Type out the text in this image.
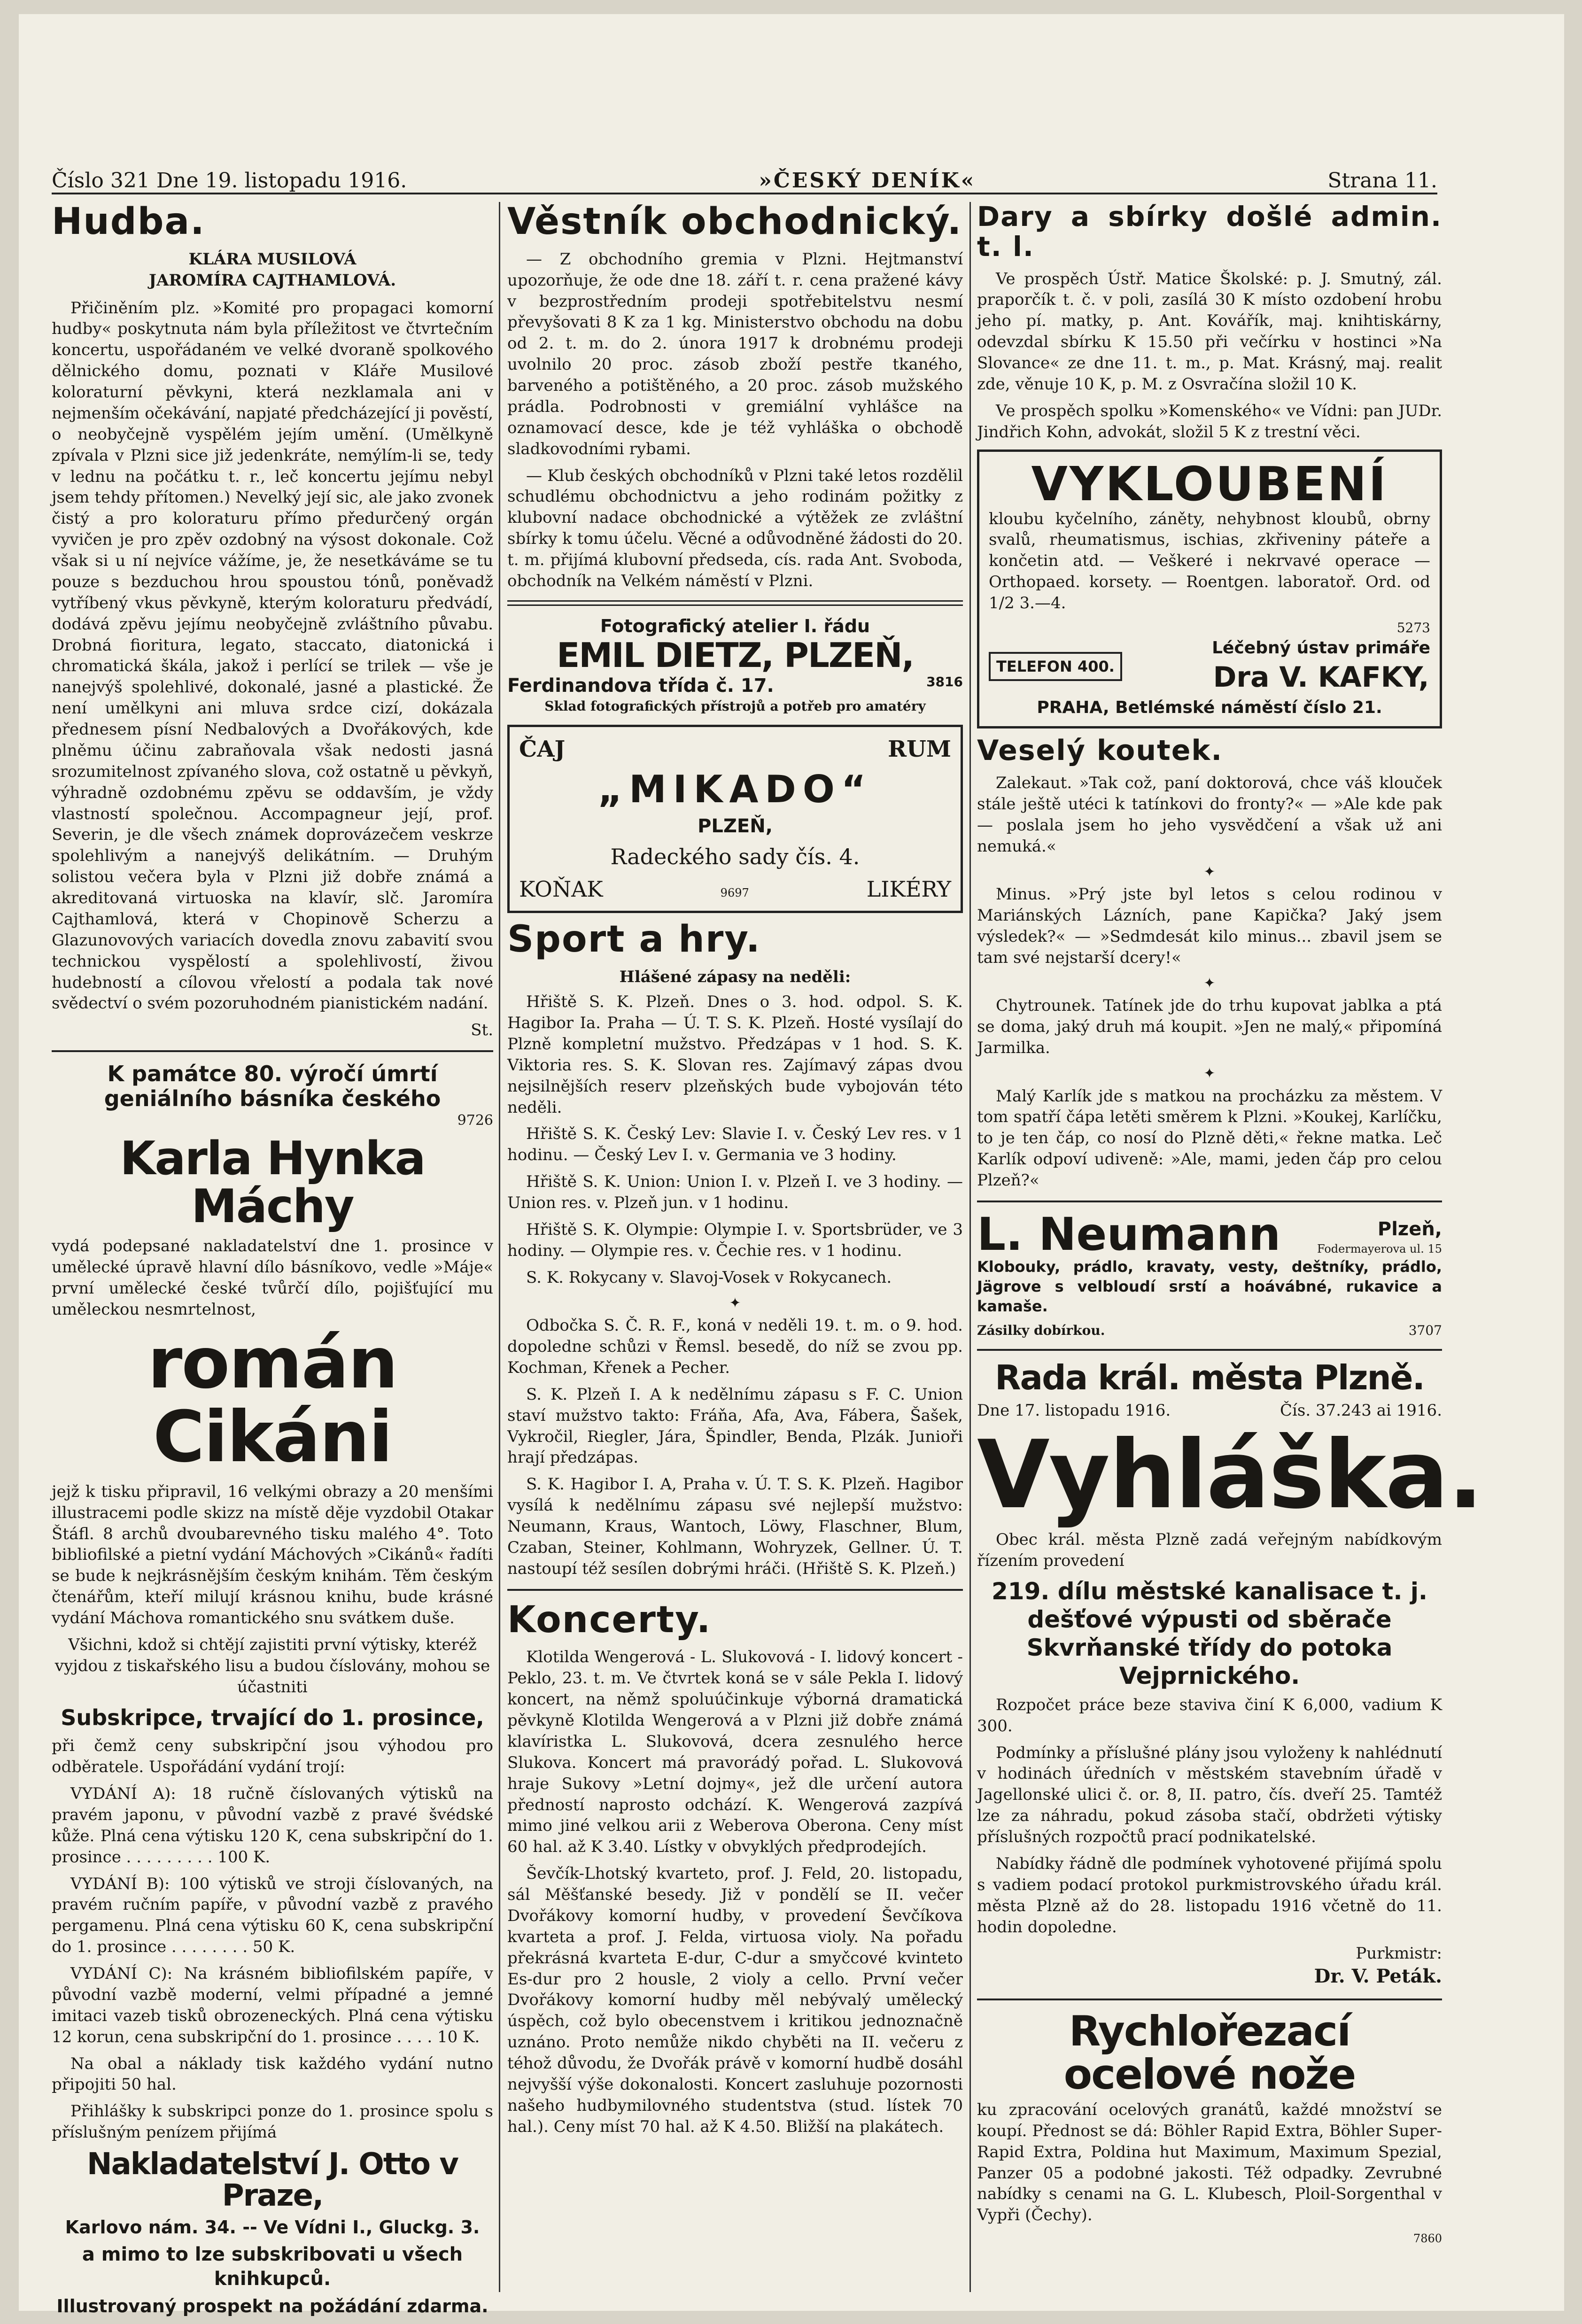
Číslo 321 Dne 19. listopadu 1916.	»ČESKÝ DENÍK«	Strana 11.
Hudba.
KLÁRA MUSILOVÁ
JAROMÍRA CAJTHAMLOVÁ.

Přičiněním plz. »Komité pro propagaci komorní hudby« poskytnuta nám byla příležitost ve čtvrtečním koncertu, uspořádaném ve velké dvoraně spolkového dělnického domu, poznati v Kláře Musilové koloraturní pěvkyni, která nezklamala ani v nejmenším očekávání, napjaté předcházející ji pověstí, o neobyčejně vyspělém jejím umění. (Umělkyně zpívala v Plzni sice již jedenkráte, nemýlím-li se, tedy v lednu na počátku t. r., leč koncertu jejímu nebyl jsem tehdy přítomen.) Nevelký její sic, ale jako zvonek čistý a pro koloraturu přímo předurčený orgán vyvičen je pro zpěv ozdobný na výsost dokonale. Což však si u ní nejvíce vážíme, je, že nesetkáváme se tu pouze s bezduchou hrou spoustou tónů, poněvadž vytříbený vkus pěvkyně, kterým koloraturu předvádí, dodává zpěvu jejímu neobyčejně zvláštního půvabu. Drobná fioritura, legato, staccato, diatonická i chromatická škála, jakož i perlící se trilek — vše je nanejvýš spolehlivé, dokonalé, jasné a plastické. Že není umělkyni ani mluva srdce cizí, dokázala přednesem písní Nedbalových a Dvořákových, kde plněmu účinu zabraňovala však nedosti jasná srozumitelnost zpívaného slova, což ostatně u pěvkyň, výhradně ozdobnému zpěvu se oddavším, je vždy vlastností společnou. Accompagneur její, prof. Severin, je dle všech známek doprovázečem veskrze spolehlivým a nanejvýš delikátním. — Druhým solistou večera byla v Plzni již dobře známá a akreditovaná virtuoska na klavír, slč. Jaromíra Cajthamlová, která v Chopinově Scherzu a Glazunovových variacích dovedla znovu zabavití svou technickou vyspělostí a spolehlivostí, živou hudebností a cílovou vřelostí a podala tak nové svědectví o svém pozoruhodném pianistickém nadání.

St.
K památce 80. výročí úmrtí geniálního básníka českého
9726
Karla Hynka Máchy

vydá podepsané nakladatelství dne 1. prosince v umělecké úpravě hlavní dílo básníkovo, vedle »Máje« první umělecké české tvůrčí dílo, pojišťující mu uměleckou nesmrtelnost,

román Cikáni

jejž k tisku připravil, 16 velkými obrazy a 20 menšími illustracemi podle skizz na místě děje vyzdobil Otakar Štáfl. 8 archů dvoubarevného tisku malého 4°. Toto bibliofilské a pietní vydání Máchových »Cikánů« řadíti se bude k nejkrásnějším českým knihám. Těm českým čtenářům, kteří milují krásnou knihu, bude krásné vydání Máchova romantického snu svátkem duše.

Všichni, kdož si chtějí zajistiti první výtisky, kteréž vyjdou z tiskařského lisu a budou číslovány, mohou se účastniti

Subskripce, trvající do 1. prosince,

při čemž ceny subskripční jsou výhodou pro odběratele. Uspořádání vydání trojí:

VYDÁNÍ A): 18 ručně číslovaných výtisků na pravém japonu, v původní vazbě z pravé švédské kůže. Plná cena výtisku 120 K, cena subskripční do 1. prosince . . . . . . . . . 100 K.

VYDÁNÍ B): 100 výtisků ve stroji číslovaných, na pravém ručním papíře, v původní vazbě z pravého pergamenu. Plná cena výtisku 60 K, cena subskripční do 1. prosince . . . . . . . . 50 K.

VYDÁNÍ C): Na krásném bibliofilském papíře, v původní vazbě moderní, velmi případné a jemné imitaci vazeb tisků obrozeneckých. Plná cena výtisku 12 korun, cena subskripční do 1. prosince . . . . 10 K.

Na obal a náklady tisk každého vydání nutno připojiti 50 hal.

Přihlášky k subskripci ponze do 1. prosince spolu s příslušným penízem přijímá

Nakladatelství J. Otto v Praze,
Karlovo nám. 34. -- Ve Vídni I., Gluckg. 3.
a mimo to lze subskribovati u všech knihkupců.
Illustrovaný prospekt na požádání zdarma.
Věstník obchodnický.

— Z obchodního gremia v Plzni. Hejtmanství upozorňuje, že ode dne 18. září t. r. cena pražené kávy v bezprostředním prodeji spotřebitelstvu nesmí převyšovati 8 K za 1 kg. Ministerstvo obchodu na dobu od 2. t. m. do 2. února 1917 k drobnému prodeji uvolnilo 20 proc. zásob zboží pestře tkaného, barveného a potištěného, a 20 proc. zásob mužského prádla. Podrobnosti v gremiální vyhlášce na oznamovací desce, kde je též vyhláška o obchodě sladkovodními rybami.

— Klub českých obchodníků v Plzni také letos rozdělil schudlému obchodnictvu a jeho rodinám požitky z klubovní nadace obchodnické a výtěžek ze zvláštní sbírky k tomu účelu. Věcné a odůvodněné žádosti do 20. t. m. přijímá klubovní předseda, cís. rada Ant. Svoboda, obchodník na Velkém náměstí v Plzni.

Fotografický atelier I. řádu
EMIL DIETZ, PLZEŇ,
Ferdinandova třída č. 17.	3816
Sklad fotografických přístrojů a potřeb pro amatéry
ČAJ	RUM
„MIKADO“
PLZEŇ,
Radeckého sady čís. 4.
KOŇAK	9697	LIKÉRY
Sport a hry.
Hlášené zápasy na neděli:

Hřiště S. K. Plzeň. Dnes o 3. hod. odpol. S. K. Hagibor Ia. Praha — Ú. T. S. K. Plzeň. Hosté vysílají do Plzně kompletní mužstvo. Předzápas v 1 hod. S. K. Viktoria res. S. K. Slovan res. Zajímavý zápas dvou nejsilnějších reserv plzeňských bude vybojován této neděli.

Hřiště S. K. Český Lev: Slavie I. v. Český Lev res. v 1 hodinu. — Český Lev I. v. Germania ve 3 hodiny.

Hřiště S. K. Union: Union I. v. Plzeň I. ve 3 hodiny. — Union res. v. Plzeň jun. v 1 hodinu.

Hřiště S. K. Olympie: Olympie I. v. Sportsbrüder, ve 3 hodiny. — Olympie res. v. Čechie res. v 1 hodinu.

S. K. Rokycany v. Slavoj-Vosek v Rokycanech.

✦

Odbočka S. Č. R. F., koná v neděli 19. t. m. o 9. hod. dopoledne schůzi v Řemsl. besedě, do níž se zvou pp. Kochman, Křenek a Pecher.

S. K. Plzeň I. A k nedělnímu zápasu s F. C. Union staví mužstvo takto: Fráňa, Afa, Ava, Fábera, Šašek, Vykročil, Riegler, Jára, Špindler, Benda, Plzák. Junioři hrají předzápas.

S. K. Hagibor I. A, Praha v. Ú. T. S. K. Plzeň. Hagibor vysílá k nedělnímu zápasu své nejlepší mužstvo: Neumann, Kraus, Wantoch, Löwy, Flaschner, Blum, Czaban, Steiner, Kohlmann, Wohryzek, Gellner. Ú. T. nastoupí též sesílen dobrými hráči. (Hřiště S. K. Plzeň.)

Koncerty.

Klotilda Wengerová - L. Slukovová - I. lidový koncert - Peklo, 23. t. m. Ve čtvrtek koná se v sále Pekla I. lidový koncert, na němž spoluúčinkuje výborná dramatická pěvkyně Klotilda Wengerová a v Plzni již dobře známá klavíristka L. Slukovová, dcera zesnulého herce Slukova. Koncert má pravorádý pořad. L. Slukovová hraje Sukovy »Letní dojmy«, jež dle určení autora předností naprosto odchází. K. Wengerová zazpívá mimo jiné velkou arii z Weberova Oberona. Ceny míst 60 hal. až K 3.40. Lístky v obvyklých předprodejích.

Ševčík-Lhotský kvarteto, prof. J. Feld, 20. listopadu, sál Měšťanské besedy. Již v pondělí se II. večer Dvořákovy komorní hudby, v provedení Ševčíkova kvarteta a prof. J. Felda, virtuosa violy. Na pořadu překrásná kvarteta E-dur, C-dur a smyčcové kvinteto Es-dur pro 2 housle, 2 violy a cello. První večer Dvořákovy komorní hudby měl nebývalý umělecký úspěch, což bylo obecenstvem i kritikou jednoznačně uznáno. Proto nemůže nikdo chyběti na II. večeru z téhož důvodu, že Dvořák právě v komorní hudbě dosáhl nejvyšší výše dokonalosti. Koncert zasluhuje pozornosti našeho hudbymilovného studentstva (stud. lístek 70 hal.). Ceny míst 70 hal. až K 4.50. Bližší na plakátech.

Dary a sbírky došlé admin. t. l.

Ve prospěch Ústř. Matice Školské: p. J. Smutný, zál. praporčík t. č. v poli, zasílá 30 K místo ozdobení hrobu jeho pí. matky, p. Ant. Kovářík, maj. knihtiskárny, odevzdal sbírku K 15.50 při večírku v hostinci »Na Slovance« ze dne 11. t. m., p. Mat. Krásný, maj. realit zde, věnuje 10 K, p. M. z Osvračína složil 10 K.

Ve prospěch spolku »Komenského« ve Vídni: pan JUDr. Jindřich Kohn, advokát, složil 5 K z trestní věci.

VYKLOUBENÍ

kloubu kyčelního, záněty, nehybnost kloubů, obrny svalů, rheumatismus, ischias, zkřiveniny páteře a končetin atd. — Veškeré i nekrvavé operace — Orthopaed. korsety. — Roentgen. laboratoř. Ord. od 1/2 3.—4.

5273
TELEFON 400.
Léčebný ústav primáře
Dra V. KAFKY,
PRAHA, Betlémské náměstí číslo 21.
Veselý koutek.

Zalekaut. »Tak což, paní doktorová, chce váš klouček stále ještě utéci k tatínkovi do fronty?« — »Ale kde pak — poslala jsem ho jeho vysvědčení a však už ani nemuká.«

✦

Minus. »Prý jste byl letos s celou rodinou v Mariánských Lázních, pane Kapička? Jaký jsem výsledek?« — »Sedmdesát kilo minus... zbavil jsem se tam své nejstarší dcery!«

✦

Chytrounek. Tatínek jde do trhu kupovat jablka a ptá se doma, jaký druh má koupit. »Jen ne malý,« připomíná Jarmilka.

✦

Malý Karlík jde s matkou na procházku za městem. V tom spatří čápa letěti směrem k Plzni. »Koukej, Karlíčku, to je ten čáp, co nosí do Plzně děti,« řekne matka. Leč Karlík odpoví udiveně: »Ale, mami, jeden čáp pro celou Plzeň?«

L. Neumann	Plzeň,
Fodermayerova ul. 15

Klobouky, prádlo, kravaty, vesty, deštníky, prádlo, Jägrove s velbloudí srstí a hoávábné, rukavice a kamaše.

Zásilky dobírkou.	3707
Rada král. města Plzně.
Dne 17. listopadu 1916.	Čís. 37.243 ai 1916.
Vyhláška.

Obec král. města Plzně zadá veřejným nabídkovým řízením provedení

219. dílu městské kanalisace t. j. dešťové výpusti od sběrače Skvrňanské třídy do potoka Vejprnického.

Rozpočet práce beze staviva činí K 6,000, vadium K 300.

Podmínky a příslušné plány jsou vyloženy k nahlédnutí v hodinách úředních v městském stavebním úřadě v Jagellonské ulici č. or. 8, II. patro, čís. dveří 25. Tamtéž lze za náhradu, pokud zásoba stačí, obdržeti výtisky příslušných rozpočtů prací podnikatelské.

Nabídky řádně dle podmínek vyhotovené přijímá spolu s vadiem podací protokol purkmistrovského úřadu král. města Plzně až do 28. listopadu 1916 včetně do 11. hodin dopoledne.

Purkmistr:
Dr. V. Peták.
Rychlořezací ocelové nože

ku zpracování ocelových granátů, každé množství se koupí. Přednost se dá: Böhler Rapid Extra, Böhler Super-Rapid Extra, Poldina hut Maximum, Maximum Spezial, Panzer 05 a podobné jakosti. Též odpadky. Zevrubné nabídky s cenami na G. L. Klubesch, Ploil-Sorgenthal v Vypři (Čechy).

7860
